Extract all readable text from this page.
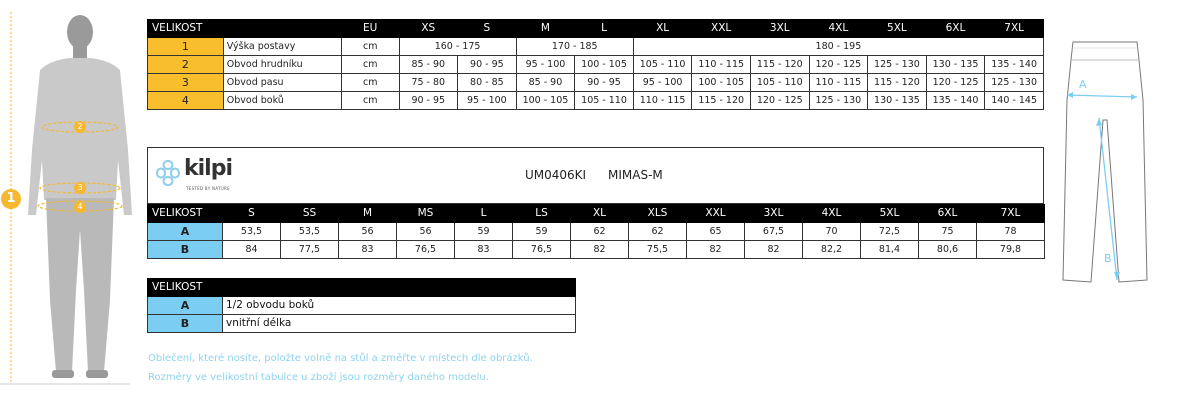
1
2
3
4
VELIKOST		EU	XS	S	M	L	XL	XXL	3XL	4XL	5XL	6XL	7XL
1	Výška postavy	cm	160 - 175		170 - 185		180 - 195						
2	Obvod hrudníku	cm	85 - 90	90 - 95	95 - 100	100 - 105	105 - 110	110 - 115	115 - 120	120 - 125	125 - 130	130 - 135	135 - 140
3	Obvod pasu	cm	75 - 80	80 - 85	85 - 90	90 - 95	95 - 100	100 - 105	105 - 110	110 - 115	115 - 120	120 - 125	125 - 130
4	Obvod boků	cm	90 - 95	95 - 100	100 - 105	105 - 110	110 - 115	115 - 120	120 - 125	125 - 130	130 - 135	135 - 140	140 - 145
kilpi
TESTED BY NATURE
UM0406KI MIMAS-M
VELIKOST	S	SS	M	MS	L	LS	XL	XLS	XXL	3XL	4XL	5XL	6XL	7XL
A	53,5	53,5	56	56	59	59	62	62	65	67,5	70	72,5	75	78
B	84	77,5	83	76,5	83	76,5	82	75,5	82	82	82,2	81,4	80,6	79,8
VELIKOST	
A	1/2 obvodu boků
B	vnitřní délka
Oblečení, které nosíte, položte volně na stůl a změřte v místech dle obrázků.
Rozměry ve velikostní tabulce u zboží jsou rozměry daného modelu.
A
B
